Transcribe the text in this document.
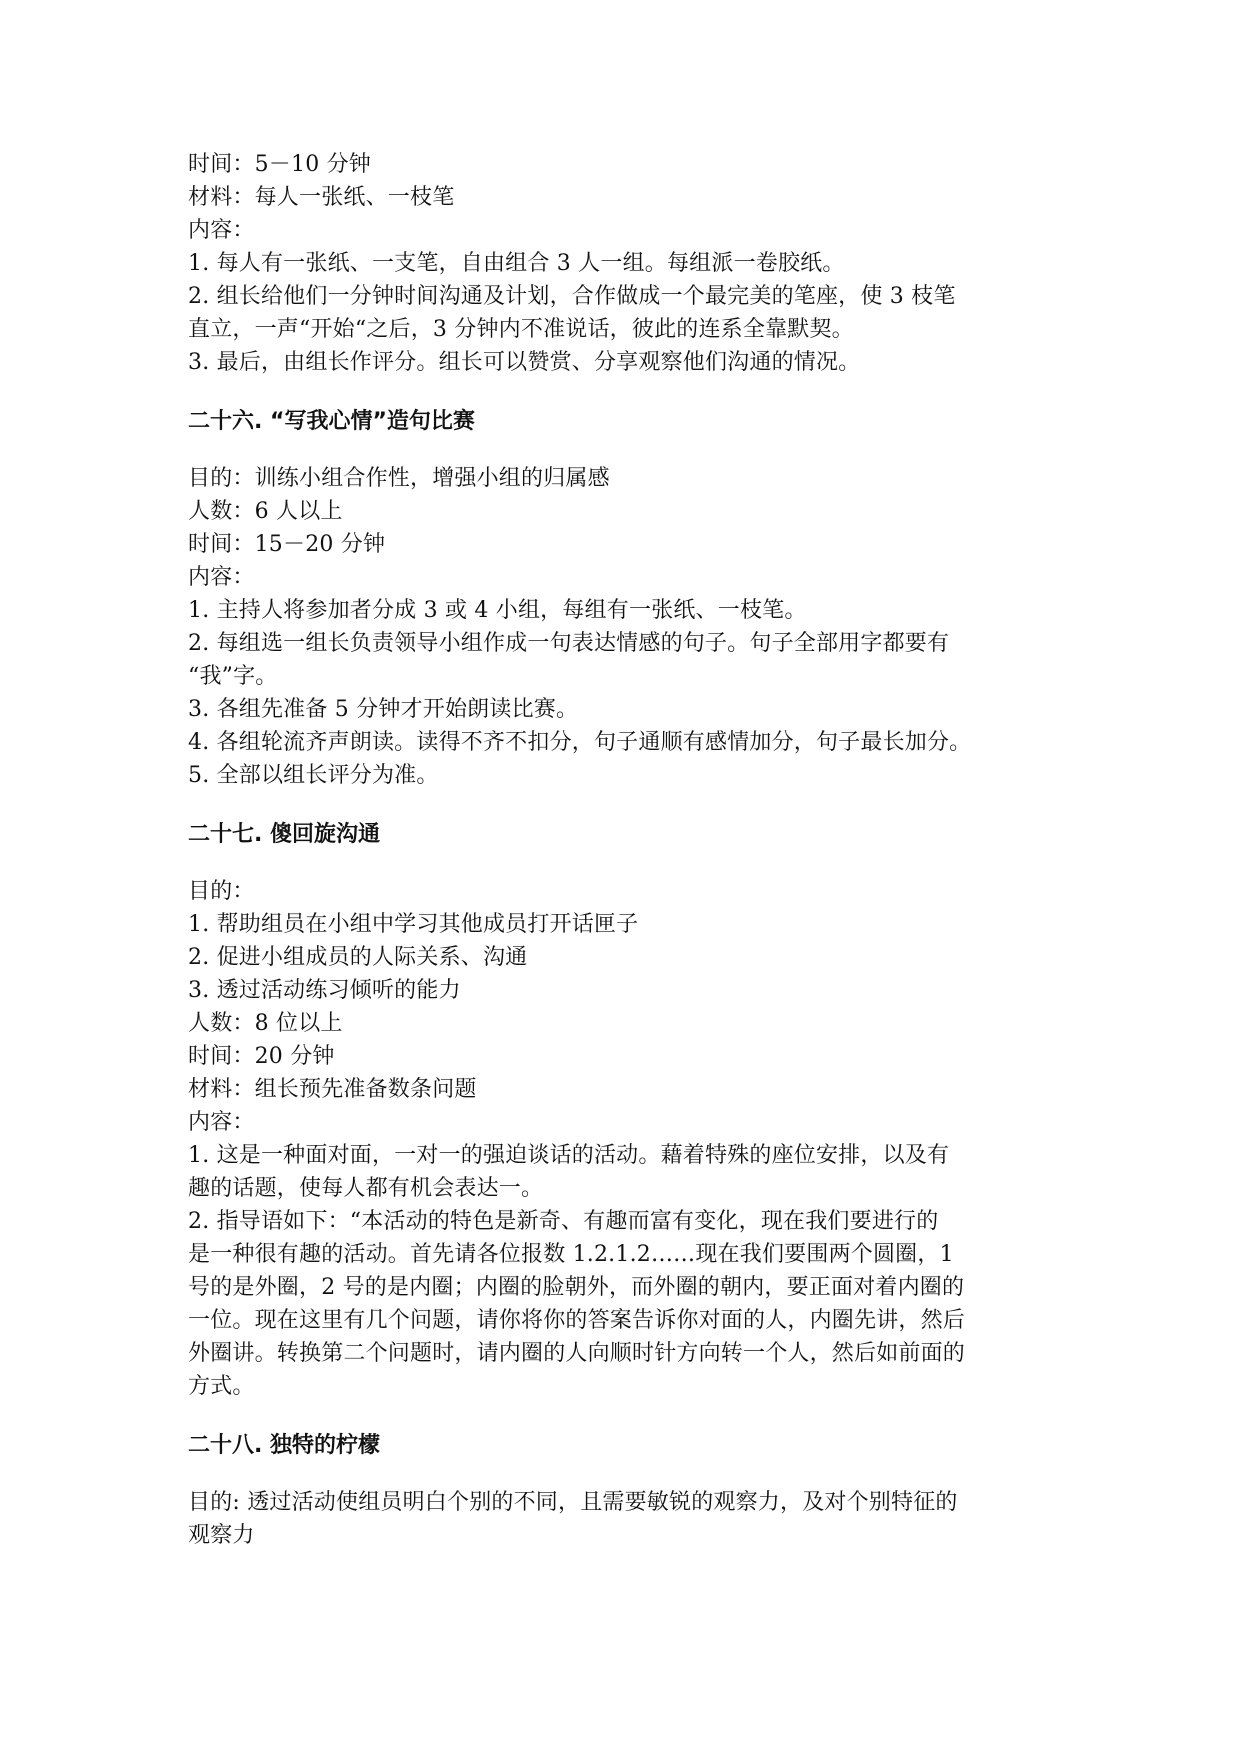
时间：5－10 分钟
材料：每人一张纸、一枝笔
内容：
1. 每人有一张纸、一支笔，自由组合 3 人一组。每组派一卷胶纸。
2. 组长给他们一分钟时间沟通及计划，合作做成一个最完美的笔座，使 3 枝笔
直立，一声“开始“之后，3 分钟内不准说话，彼此的连系全靠默契。
3. 最后，由组长作评分。组长可以赞赏、分享观察他们沟通的情况。
二十六. “写我心情”造句比赛
目的：训练小组合作性，增强小组的归属感
人数：6 人以上
时间：15－20 分钟
内容：
1. 主持人将参加者分成 3 或 4 小组，每组有一张纸、一枝笔。
2. 每组选一组长负责领导小组作成一句表达情感的句子。句子全部用字都要有
“我”字。
3. 各组先准备 5 分钟才开始朗读比赛。
4. 各组轮流齐声朗读。读得不齐不扣分，句子通顺有感情加分，句子最长加分。
5. 全部以组长评分为准。
二十七. 傻回旋沟通
目的：
1. 帮助组员在小组中学习其他成员打开话匣子
2. 促进小组成员的人际关系、沟通
3. 透过活动练习倾听的能力
人数：8 位以上
时间：20 分钟
材料：组长预先准备数条问题
内容：
1. 这是一种面对面，一对一的强迫谈话的活动。藉着特殊的座位安排，以及有
趣的话题，使每人都有机会表达一。
2. 指导语如下：“本活动的特色是新奇、有趣而富有变化，现在我们要进行的
是一种很有趣的活动。首先请各位报数 1.2.1.2……现在我们要围两个圆圈，1
号的是外圈，2 号的是内圈；内圈的脸朝外，而外圈的朝内，要正面对着内圈的
一位。现在这里有几个问题，请你将你的答案告诉你对面的人，内圈先讲，然后
外圈讲。转换第二个问题时，请内圈的人向顺时针方向转一个人，然后如前面的
方式。
二十八. 独特的柠檬
目的: 透过活动使组员明白个别的不同，且需要敏锐的观察力，及对个别特征的
观察力
